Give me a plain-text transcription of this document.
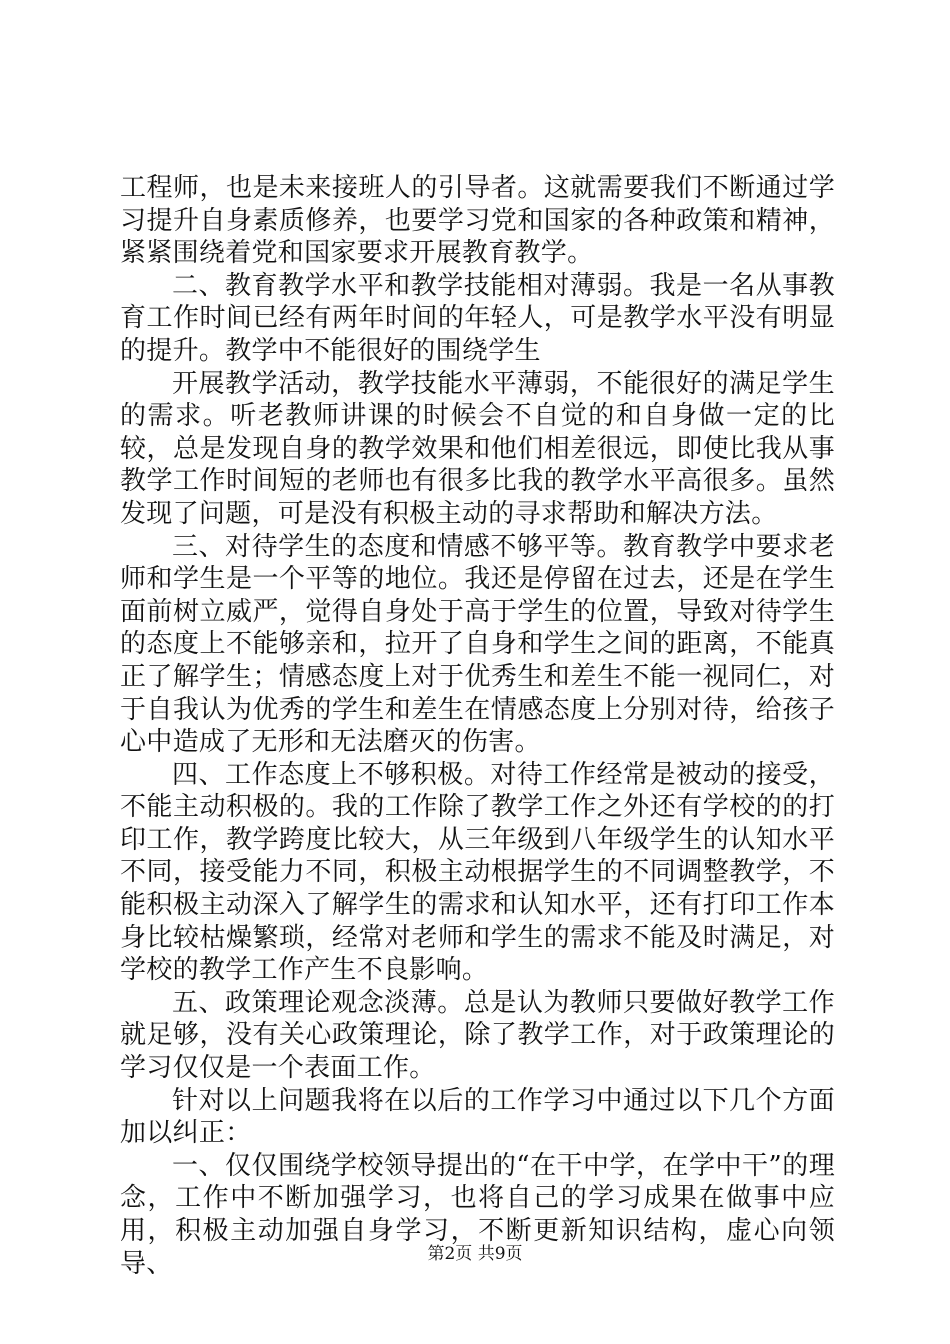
工程师，也是未来接班人的引导者。这就需要我们不断通过学习提升自身素质修养，也要学习党和国家的各种政策和精神，紧紧围绕着党和国家要求开展教育教学。

二、教育教学水平和教学技能相对薄弱。我是一名从事教育工作时间已经有两年时间的年轻人，可是教学水平没有明显的提升。教学中不能很好的围绕学生

开展教学活动，教学技能水平薄弱，不能很好的满足学生的需求。听老教师讲课的时候会不自觉的和自身做一定的比较，总是发现自身的教学效果和他们相差很远，即使比我从事教学工作时间短的老师也有很多比我的教学水平高很多。虽然发现了问题，可是没有积极主动的寻求帮助和解决方法。

三、对待学生的态度和情感不够平等。教育教学中要求老师和学生是一个平等的地位。我还是停留在过去，还是在学生面前树立威严，觉得自身处于高于学生的位置，导致对待学生的态度上不能够亲和，拉开了自身和学生之间的距离，不能真正了解学生；情感态度上对于优秀生和差生不能一视同仁，对于自我认为优秀的学生和差生在情感态度上分别对待，给孩子心中造成了无形和无法磨灭的伤害。

四、工作态度上不够积极。对待工作经常是被动的接受，不能主动积极的。我的工作除了教学工作之外还有学校的的打印工作，教学跨度比较大，从三年级到八年级学生的认知水平不同，接受能力不同，积极主动根据学生的不同调整教学，不能积极主动深入了解学生的需求和认知水平，还有打印工作本身比较枯燥繁琐，经常对老师和学生的需求不能及时满足，对学校的教学工作产生不良影响。

五、政策理论观念淡薄。总是认为教师只要做好教学工作就足够，没有关心政策理论，除了教学工作，对于政策理论的学习仅仅是一个表面工作。

针对以上问题我将在以后的工作学习中通过以下几个方面加以纠正：

一、仅仅围绕学校领导提出的“在干中学，在学中干”的理念，工作中不断加强学习，也将自己的学习成果在做事中应用，积极主动加强自身学习，不断更新知识结构，虚心向领导、	第2页 共9页
